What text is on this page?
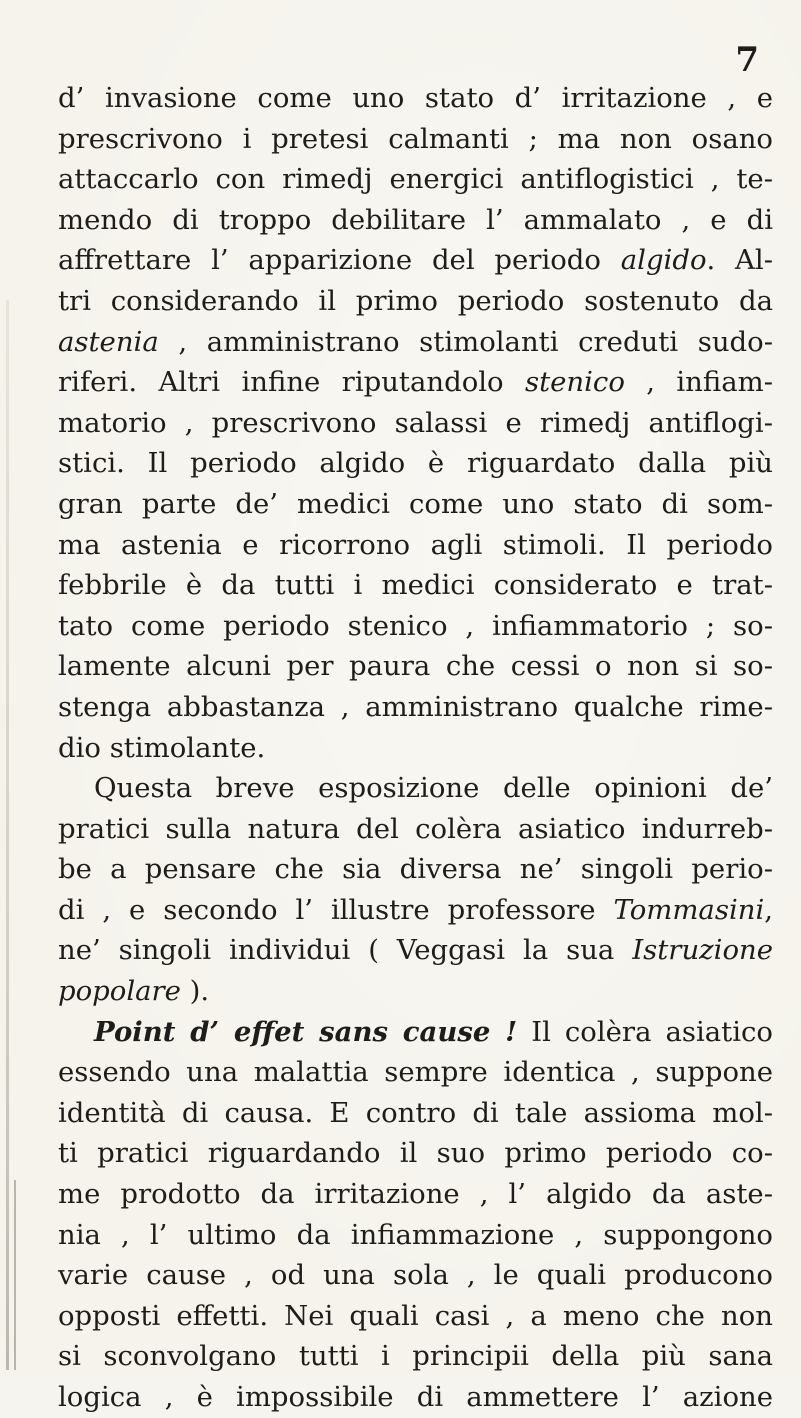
7
d’ invasione come uno stato d’ irritazione , e
prescrivono i pretesi calmanti ; ma non osano
attaccarlo con rimedj energici antiflogistici , te-
mendo di troppo debilitare l’ ammalato , e di
affrettare l’ apparizione del periodo algido. Al-
tri considerando il primo periodo sostenuto da
astenia , amministrano stimolanti creduti sudo-
riferi. Altri infine riputandolo stenico , infiam-
matorio , prescrivono salassi e rimedj antiflogi-
stici. Il periodo algido è riguardato dalla più
gran parte de’ medici come uno stato di som-
ma astenia e ricorrono agli stimoli. Il periodo
febbrile è da tutti i medici considerato e trat-
tato come periodo stenico , infiammatorio ; so-
lamente alcuni per paura che cessi o non si so-
stenga abbastanza , amministrano qualche rime-
dio stimolante.
Questa breve esposizione delle opinioni de’
pratici sulla natura del colèra asiatico indurreb-
be a pensare che sia diversa ne’ singoli perio-
di , e secondo l’ illustre professore Tommasini,
ne’ singoli individui ( Veggasi la sua Istruzione
popolare ).
Point d’ effet sans cause ! Il colèra asiatico
essendo una malattia sempre identica , suppone
identità di causa. E contro di tale assioma mol-
ti pratici riguardando il suo primo periodo co-
me prodotto da irritazione , l’ algido da aste-
nia , l’ ultimo da infiammazione , suppongono
varie cause , od una sola , le quali producono
opposti effetti. Nei quali casi , a meno che non
si sconvolgano tutti i principii della più sana
logica , è impossibile di ammettere l’ azione
